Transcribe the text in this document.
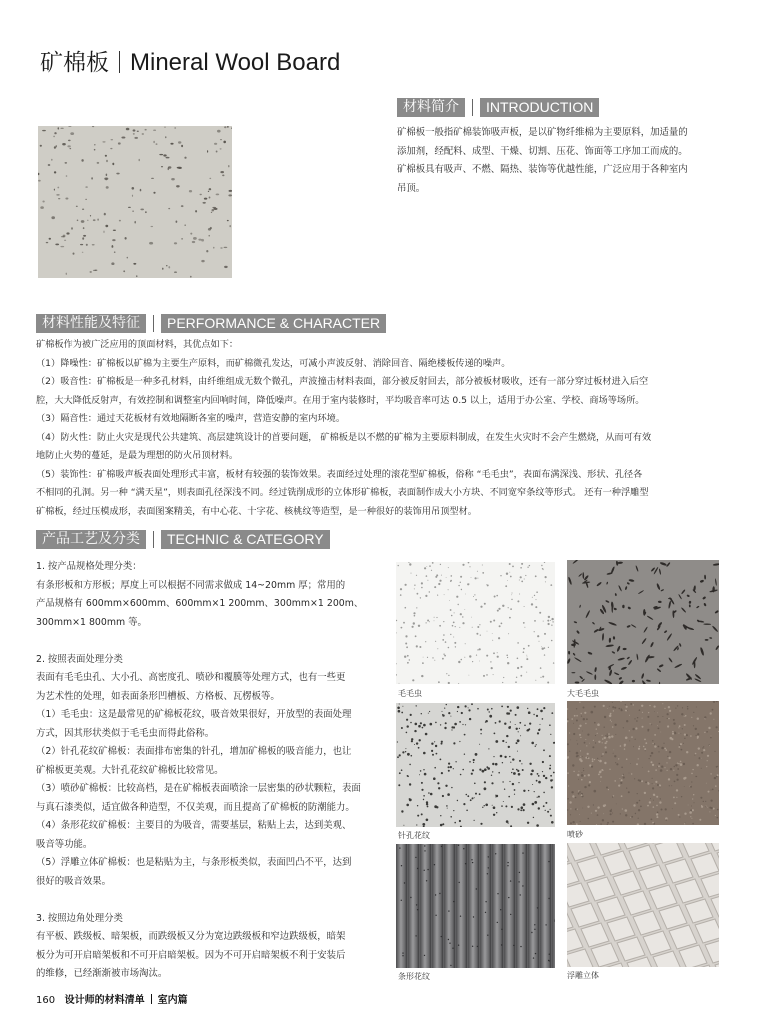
矿棉板 Mineral Wool Board
材料简介	INTRODUCTION

矿棉板一般指矿棉装饰吸声板，是以矿物纤维棉为主要原料，加适量的

添加剂，经配料、成型、干燥、切割、压花、饰面等工序加工而成的。

矿棉板具有吸声、不燃、隔热、装饰等优越性能，广泛应用于各种室内

吊顶。

材料性能及特征	PERFORMANCE & CHARACTER

矿棉板作为被广泛应用的顶面材料，其优点如下：

（1）降噪性：矿棉板以矿棉为主要生产原料，而矿棉微孔发达，可减小声波反射、消除回音、隔绝楼板传递的噪声。

（2）吸音性：矿棉板是一种多孔材料，由纤维组成无数个微孔，声波撞击材料表面，部分被反射回去，部分被板材吸收，还有一部分穿过板材进入后空

腔，大大降低反射声，有效控制和调整室内回响时间，降低噪声。在用于室内装修时，平均吸音率可达 0.5 以上，适用于办公室、学校、商场等场所。

（3）隔音性：通过天花板材有效地隔断各室的噪声，营造安静的室内环境。

（4）防火性：防止火灾是现代公共建筑、高层建筑设计的首要问题， 矿棉板是以不燃的矿棉为主要原料制成，在发生火灾时不会产生燃烧，从而可有效

地防止火势的蔓延，是最为理想的防火吊顶材料。

（5）装饰性：矿棉吸声板表面处理形式丰富，板材有较强的装饰效果。表面经过处理的滚花型矿棉板，俗称 “毛毛虫”，表面布满深浅、形状、孔径各

不相同的孔洞。另一种 “满天星”，则表面孔径深浅不同。经过铣削成形的立体形矿棉板，表面制作成大小方块、不同宽窄条纹等形式。 还有一种浮雕型

矿棉板，经过压模成形，表面图案精美，有中心花、十字花、核桃纹等造型，是一种很好的装饰用吊顶型材。

产品工艺及分类	TECHNIC & CATEGORY

1. 按产品规格处理分类：

有条形板和方形板；厚度上可以根据不同需求做成 14~20mm 厚；常用的

产品规格有 600mm×600mm、600mm×1 200mm、300mm×1 200m、

300mm×1 800mm 等。

2. 按照表面处理分类

表面有毛毛虫孔、大小孔、高密度孔、喷砂和覆膜等处理方式，也有一些更

为艺术性的处理，如表面条形凹槽板、方格板、瓦楞板等。

（1）毛毛虫：这是最常见的矿棉板花纹，吸音效果很好，开放型的表面处理

方式，因其形状类似于毛毛虫而得此俗称。

（2）针孔花纹矿棉板：表面排布密集的针孔，增加矿棉板的吸音能力，也让

矿棉板更美观。大针孔花纹矿棉板比较常见。

（3）喷砂矿棉板：比较高档，是在矿棉板表面喷涂一层密集的砂状颗粒，表面

与真石漆类似，适宜做各种造型，不仅美观，而且提高了矿棉板的防潮能力。

（4）条形花纹矿棉板：主要目的为吸音，需要基层，粘贴上去，达到美观、

吸音等功能。

（5）浮雕立体矿棉板：也是粘贴为主，与条形板类似，表面凹凸不平，达到

很好的吸音效果。

3. 按照边角处理分类

有平板、跌级板、暗架板，而跌级板又分为宽边跌级板和窄边跌级板，暗架

板分为可开启暗架板和不可开启暗架板。因为不可开启暗架板不利于安装后

的维修，已经渐渐被市场淘汰。

毛毛虫	大毛毛虫
针孔花纹	喷砂
条形花纹	浮雕立体
160 设计师的材料清单 室内篇
